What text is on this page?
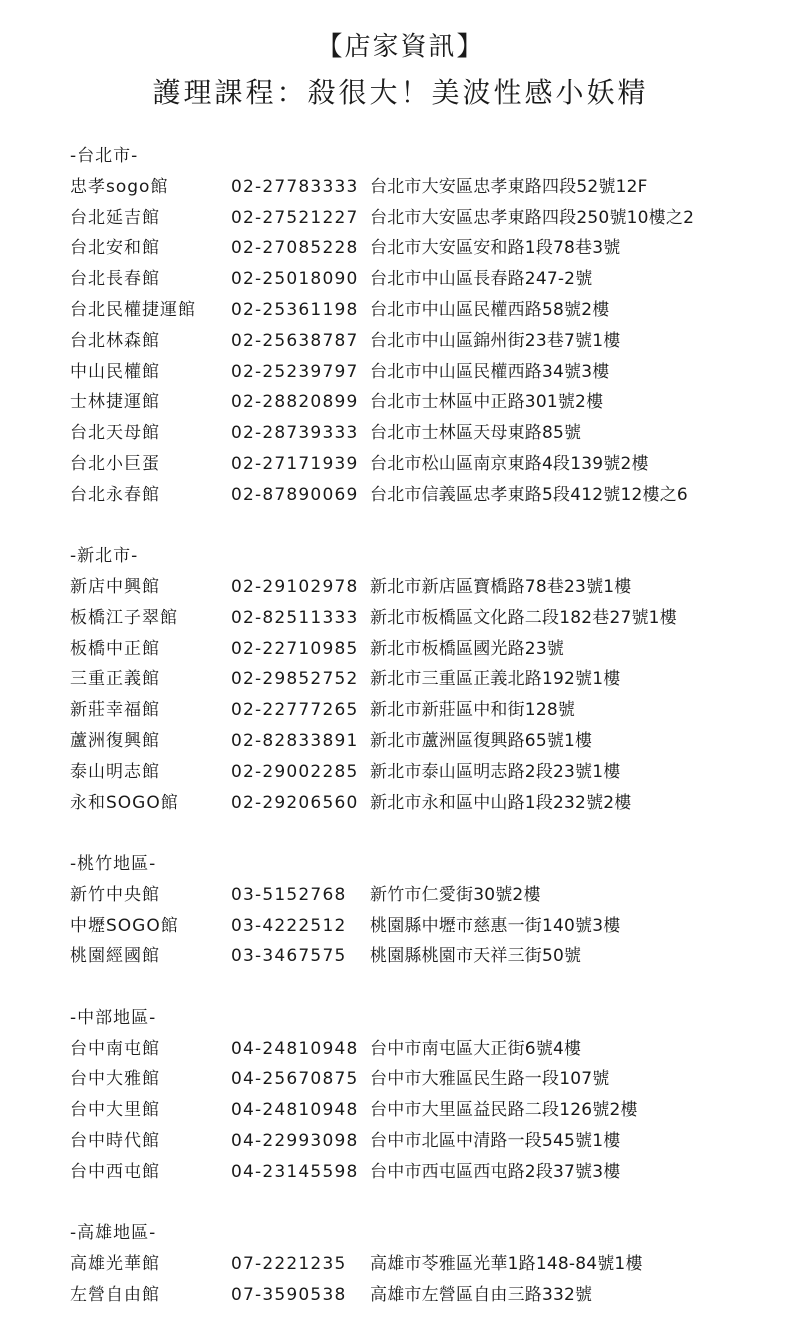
【店家資訊】
護理課程：殺很大！美波性感小妖精
-台北市-
忠孝sogo館	02-27783333 台北市大安區忠孝東路四段52號12F
台北延吉館	02-27521227 台北市大安區忠孝東路四段250號10樓之2
台北安和館	02-27085228 台北市大安區安和路1段78巷3號
台北長春館	02-25018090 台北市中山區長春路247-2號
台北民權捷運館	02-25361198 台北市中山區民權西路58號2樓
台北林森館	02-25638787 台北市中山區錦州街23巷7號1樓
中山民權館	02-25239797 台北市中山區民權西路34號3樓
士林捷運館	02-28820899 台北市士林區中正路301號2樓
台北天母館	02-28739333 台北市士林區天母東路85號
台北小巨蛋	02-27171939 台北市松山區南京東路4段139號2樓
台北永春館	02-87890069 台北市信義區忠孝東路5段412號12樓之6
-新北市-
新店中興館	02-29102978 新北市新店區寶橋路78巷23號1樓
板橋江子翠館	02-82511333 新北市板橋區文化路二段182巷27號1樓
板橋中正館	02-22710985 新北市板橋區國光路23號
三重正義館	02-29852752 新北市三重區正義北路192號1樓
新莊幸福館	02-22777265 新北市新莊區中和街128號
蘆洲復興館	02-82833891 新北市蘆洲區復興路65號1樓
泰山明志館	02-29002285 新北市泰山區明志路2段23號1樓
永和SOGO館	02-29206560 新北市永和區中山路1段232號2樓
-桃竹地區-
新竹中央館	03-5152768 新竹市仁愛街30號2樓
中壢SOGO館	03-4222512 桃園縣中壢市慈惠一街140號3樓
桃園經國館	03-3467575 桃園縣桃園市天祥三街50號
-中部地區-
台中南屯館	04-24810948 台中市南屯區大正街6號4樓
台中大雅館	04-25670875 台中市大雅區民生路一段107號
台中大里館	04-24810948 台中市大里區益民路二段126號2樓
台中時代館	04-22993098 台中市北區中清路一段545號1樓
台中西屯館	04-23145598 台中市西屯區西屯路2段37號3樓
-高雄地區-
高雄光華館	07-2221235 高雄市苓雅區光華1路148-84號1樓
左營自由館	07-3590538 高雄市左營區自由三路332號
